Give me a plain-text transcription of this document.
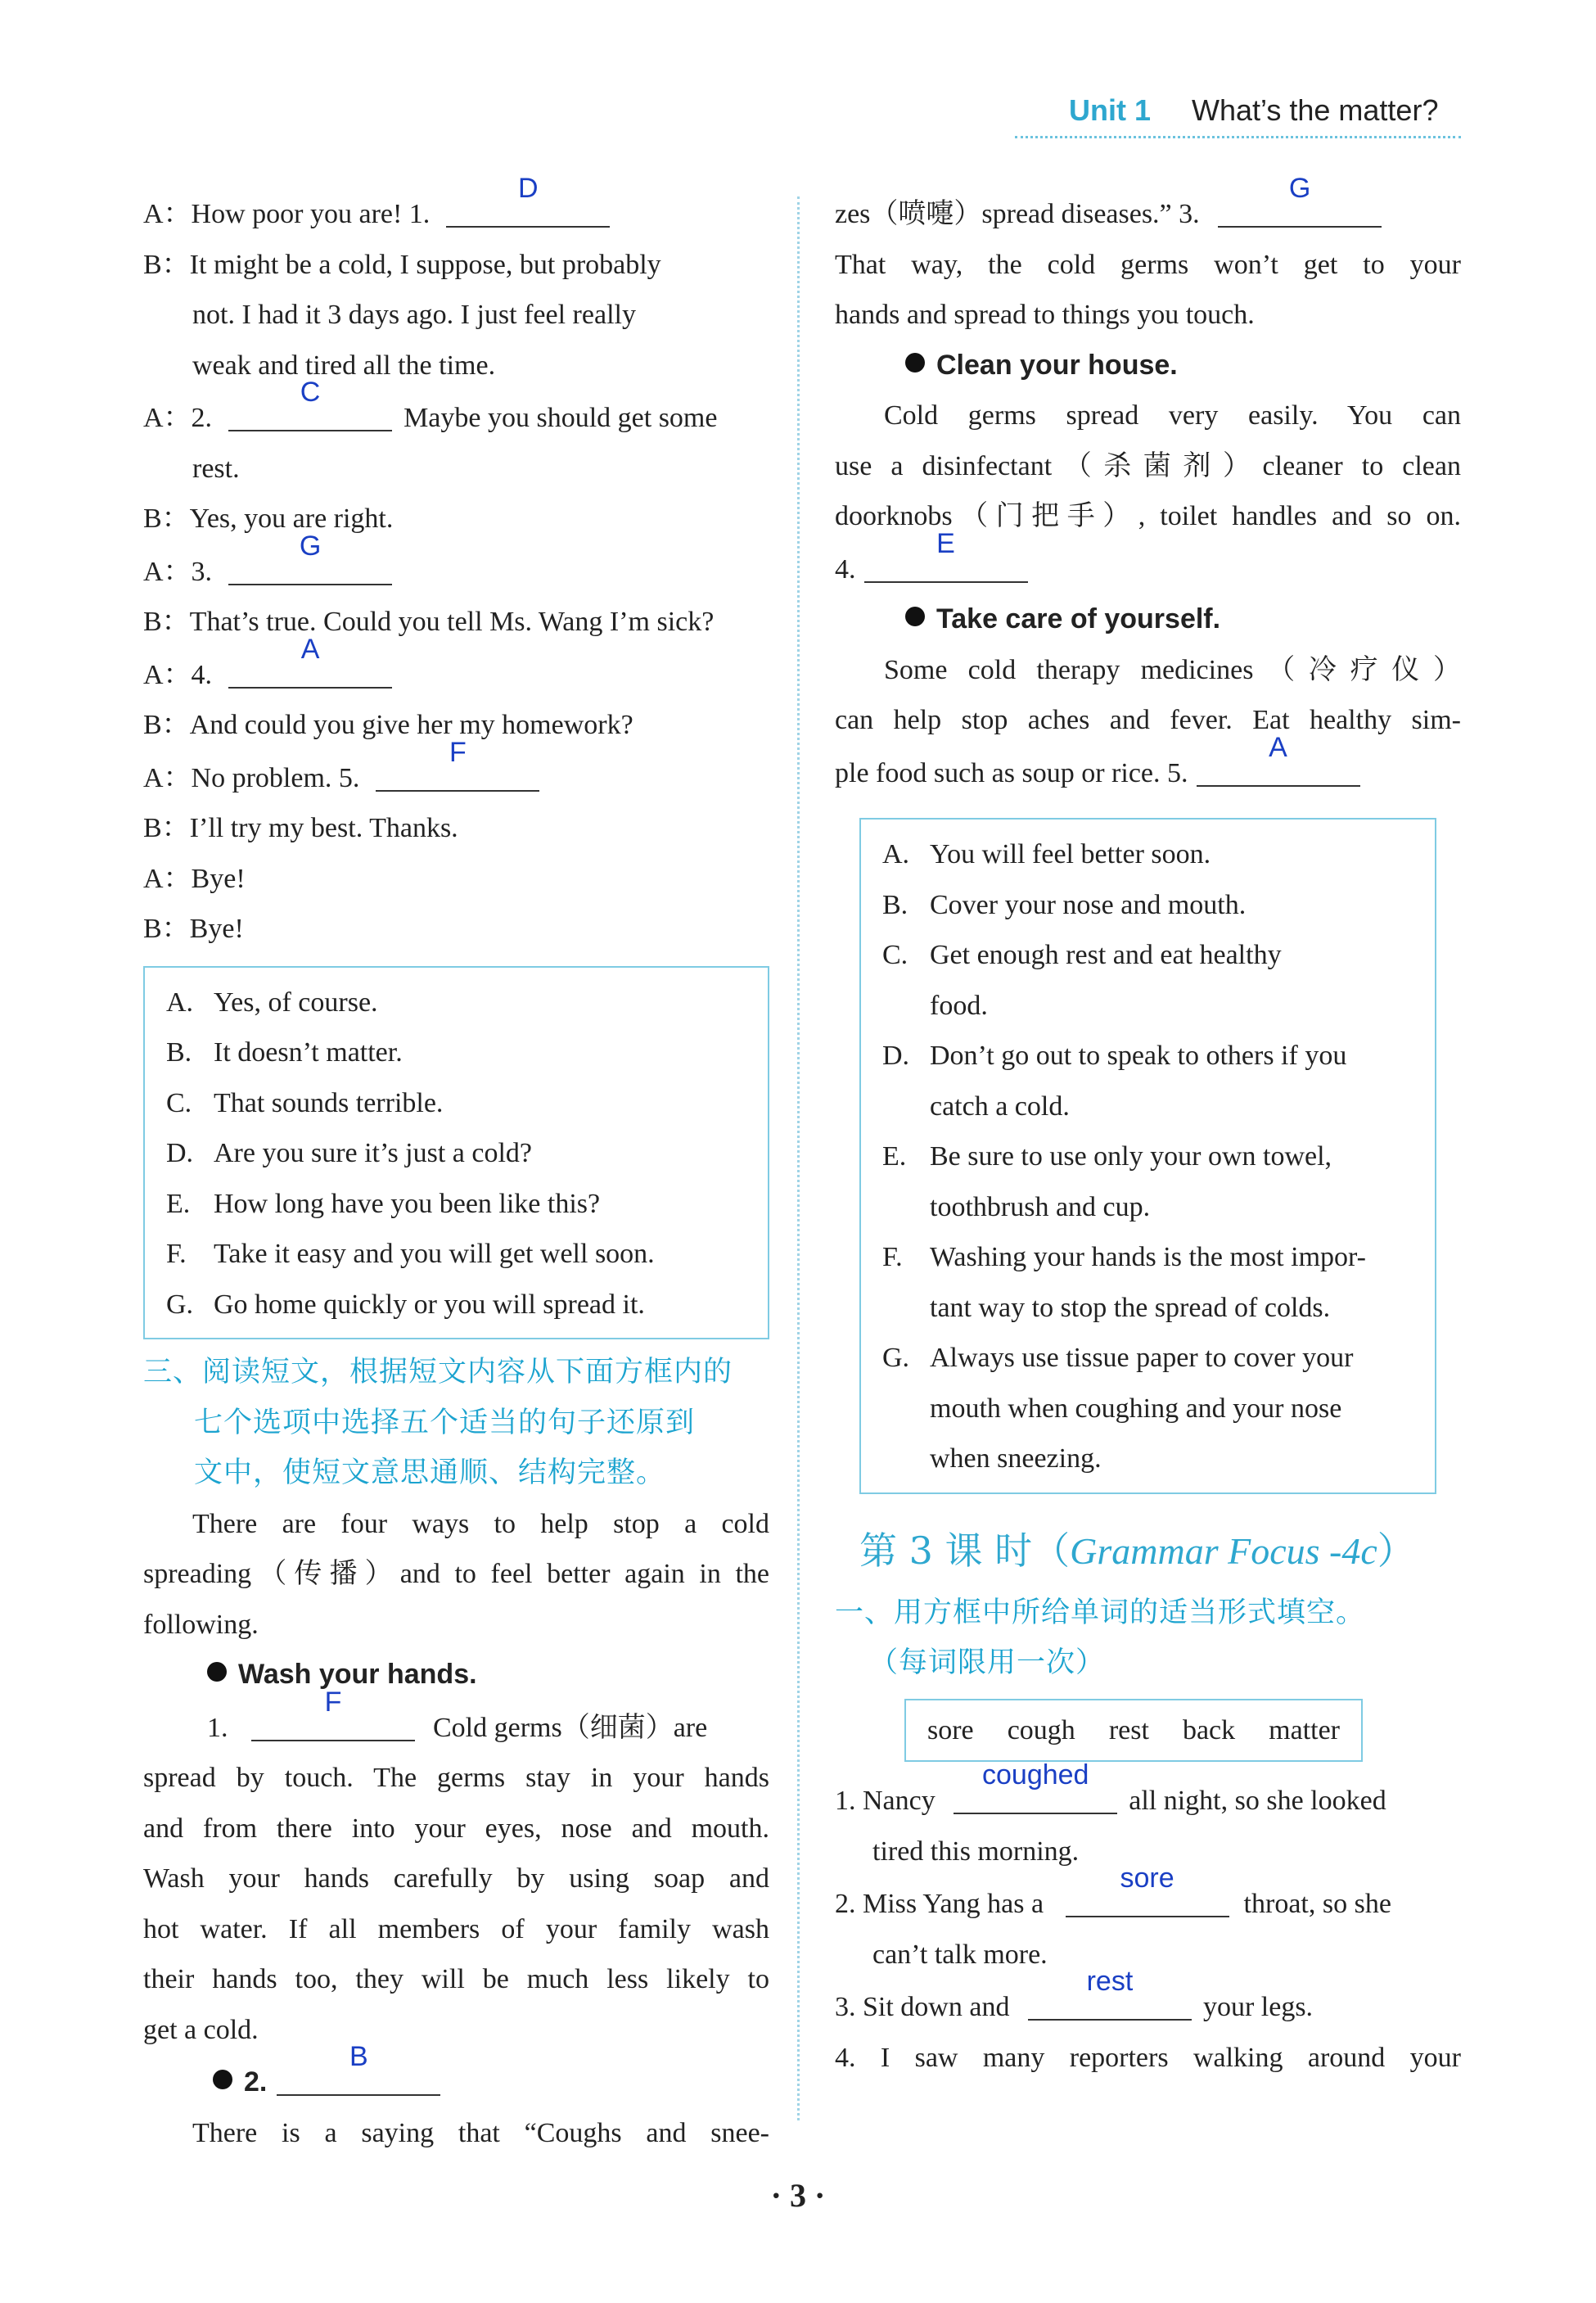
Unit 1 What’s the matter?
A：How poor you are! 1.
D
B：It might be a cold, I suppose, but probably
not. I had it 3 days ago. I just feel really
weak and tired all the time.
A：2.
C
Maybe you should get some
rest.
B：Yes, you are right.
A：3.
G
B：That’s true. Could you tell Ms. Wang I’m sick?
A：4.
A
B：And could you give her my homework?
A：No problem. 5.
F
B：I’ll try my best. Thanks.
A：Bye!
B：Bye!
A. Yes, of course.
B. It doesn’t matter.
C. That sounds terrible.
D. Are you sure it’s just a cold?
E. How long have you been like this?
F. Take it easy and you will get well soon.
G. Go home quickly or you will spread it.
三、阅读短文，根据短文内容从下面方框内的
七个选项中选择五个适当的句子还原到
文中，使短文意思通顺、结构完整。
There are four ways to help stop a cold
spreading（传播）and to feel better again in the
following.
Wash your hands.
1.
F
Cold germs（细菌）are
spread by touch. The germs stay in your hands
and from there into your eyes, nose and mouth.
Wash your hands carefully by using soap and
hot water. If all members of your family wash
their hands too, they will be much less likely to
get a cold.
2.
B
There is a saying that “Coughs and snee-
zes（喷嚏）spread diseases.” 3.
G
That way, the cold germs won’t get to your
hands and spread to things you touch.
Clean your house.
Cold germs spread very easily. You can
use a disinfectant（杀菌剂）cleaner to clean
doorknobs（门把手）, toilet handles and so on.
4.
E
Take care of yourself.
Some cold therapy medicines（冷疗仪）
can help stop aches and fever. Eat healthy sim-
ple food such as soup or rice. 5.
A
A. You will feel better soon.
B. Cover your nose and mouth.
C. Get enough rest and eat healthy
food.
D. Don’t go out to speak to others if you
catch a cold.
E. Be sure to use only your own towel,
toothbrush and cup.
F. Washing your hands is the most impor-
tant way to stop the spread of colds.
G. Always use tissue paper to cover your
mouth when coughing and your nose
when sneezing.
第 3 课 时（Grammar Focus -4c）
一、用方框中所给单词的适当形式填空。
（每词限用一次）
sore cough rest back matter
1. Nancy
coughed
all night, so she looked
tired this morning.
2. Miss Yang has a
sore
throat, so she
can’t talk more.
3. Sit down and
rest
your legs.
4. I saw many reporters walking around your
· 3 ·
